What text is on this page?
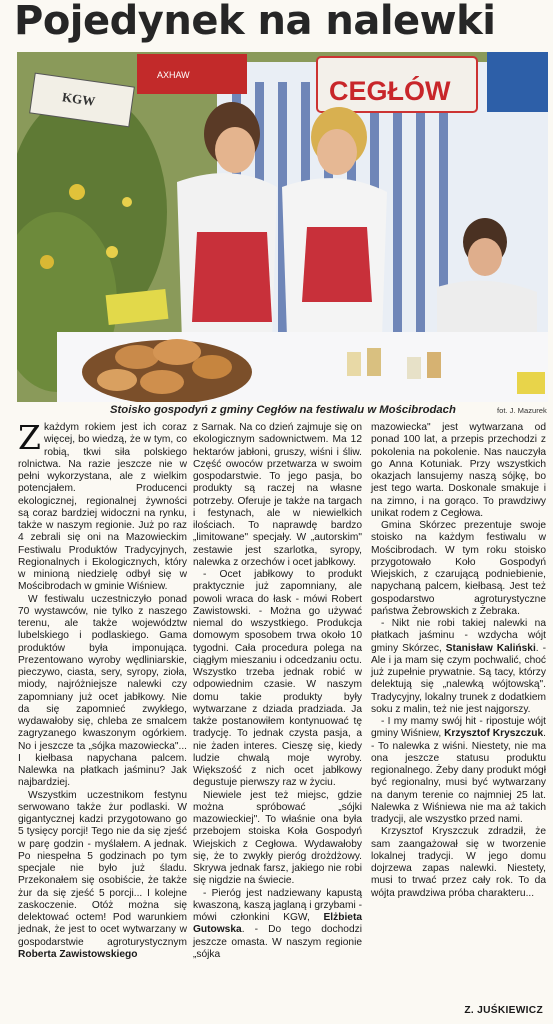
Pojedynek na nalewki
CEGŁÓW
AXHAW
KGW
Stoisko gospodyń z gminy Cegłów na festiwalu w Mościbrodach	fot. J. Mazurek

Zkażdym rokiem jest ich coraz więcej, bo wiedzą, że w tym, co robią, tkwi siła polskiego rolnictwa. Na razie jeszcze nie w pełni wykorzystana, ale z wielkim potencjałem. Producenci ekologicznej, regionalnej żywności są coraz bardziej widoczni na rynku, także w naszym regionie. Już po raz 4 zebrali się oni na Mazowieckim Festiwalu Produktów Tradycyjnych, Regionalnych i Ekologicznych, który w minioną niedzielę odbył się w Mościbrodach w gminie Wiśniew.

W festiwalu uczestniczyło ponad 70 wystawców, nie tylko z naszego terenu, ale także województw lubelskiego i podlaskiego. Gama produktów była imponująca. Prezentowano wyroby wędliniarskie, pieczywo, ciasta, sery, syropy, zioła, miody, najróżniejsze nalewki czy zapomniany już ocet jabłkowy. Nie da się zapomnieć zwykłego, wydawałoby się, chleba ze smalcem zagryzanego kwaszonym ogórkiem. No i jeszcze ta „sójka mazowiecka"... I kiełbasa napychana palcem. Nalewka na płatkach jaśminu? Jak najbardziej.

Wszystkim uczestnikom festynu serwowano także żur podlaski. W gigantycznej kadzi przygotowano go 5 tysięcy porcji! Tego nie da się zjeść w parę godzin - myślałem. A jednak. Po niespełna 5 godzinach po tym specjale nie było już śladu. Przekonałem się osobiście, że także żur da się zjeść 5 porcji... I kolejne zaskoczenie. Otóż można się delektować octem! Pod warunkiem jednak, że jest to ocet wytwarzany w gospodarstwie agroturystycznym Roberta Zawistowskiego

z Sarnak. Na co dzień zajmuje się on ekologicznym sadownictwem. Ma 12 hektarów jabłoni, gruszy, wiśni i śliw. Część owoców przetwarza w swoim gospodarstwie. To jego pasja, bo produkty są raczej na własne potrzeby. Oferuje je także na targach i festynach, ale w niewielkich ilościach. To naprawdę bardzo „limitowane" specjały. W „autorskim" zestawie jest szarlotka, syropy, nalewka z orzechów i ocet jabłkowy.

- Ocet jabłkowy to produkt praktycznie już zapomniany, ale powoli wraca do łask - mówi Robert Zawistowski. - Można go używać niemal do wszystkiego. Produkcja domowym sposobem trwa około 10 tygodni. Cała procedura polega na ciągłym mieszaniu i odcedzaniu octu. Wszystko trzeba jednak robić w odpowiednim czasie. W naszym domu takie produkty były wytwarzane z dziada pradziada. Ja także postanowiłem kontynuować tę tradycję. To jednak czysta pasja, a nie żaden interes. Cieszę się, kiedy ludzie chwalą moje wyroby. Większość z nich ocet jabłkowy degustuje pierwszy raz w życiu.

Niewiele jest też miejsc, gdzie można spróbować „sójki mazowieckiej". To właśnie ona była przebojem stoiska Koła Gospodyń Wiejskich z Cegłowa. Wydawałoby się, że to zwykły pieróg drożdżowy. Skrywa jednak farsz, jakiego nie robi się nigdzie na świecie.

- Pieróg jest nadziewany kapustą kwaszoną, kaszą jaglaną i grzybami - mówi członkini KGW, Elżbieta Gutowska. - Do tego dochodzi jeszcze omasta. W naszym regionie „sójka

mazowiecka" jest wytwarzana od ponad 100 lat, a przepis przechodzi z pokolenia na pokolenie. Nas nauczyła go Anna Kotuniak. Przy wszystkich okazjach lansujemy naszą sójkę, bo jest tego warta. Doskonale smakuje i na zimno, i na gorąco. To prawdziwy unikat rodem z Cegłowa.

Gmina Skórzec prezentuje swoje stoisko na każdym festiwalu w Mościbrodach. W tym roku stoisko przygotowało Koło Gospodyń Wiejskich, z czarującą podniebienie, napychaną palcem, kiełbasą. Jest też gospodarstwo agroturystyczne państwa Żebrowskich z Żebraka.

- Nikt nie robi takiej nalewki na płatkach jaśminu - wzdycha wójt gminy Skórzec, Stanisław Kaliński. - Ale i ja mam się czym pochwalić, choć już zupełnie prywatnie. Są tacy, którzy delektują się „nalewką wójtowską". Tradycyjny, lokalny trunek z dodatkiem soku z malin, też nie jest najgorszy.

- I my mamy swój hit - ripostuje wójt gminy Wiśniew, Krzysztof Kryszczuk. - To nalewka z wiśni. Niestety, nie ma ona jeszcze statusu produktu regionalnego. Żeby dany produkt mógł być regionalny, musi być wytwarzany na danym terenie co najmniej 25 lat. Nalewka z Wiśniewa nie ma aż takich tradycji, ale wszystko przed nami.

Krzysztof Kryszczuk zdradził, że sam zaangażował się w tworzenie lokalnej tradycji. W jego domu dojrzewa zapas nalewki. Niestety, musi to trwać przez cały rok. To da wójta prawdziwa próba charakteru...

Z. JUŚKIEWICZ
